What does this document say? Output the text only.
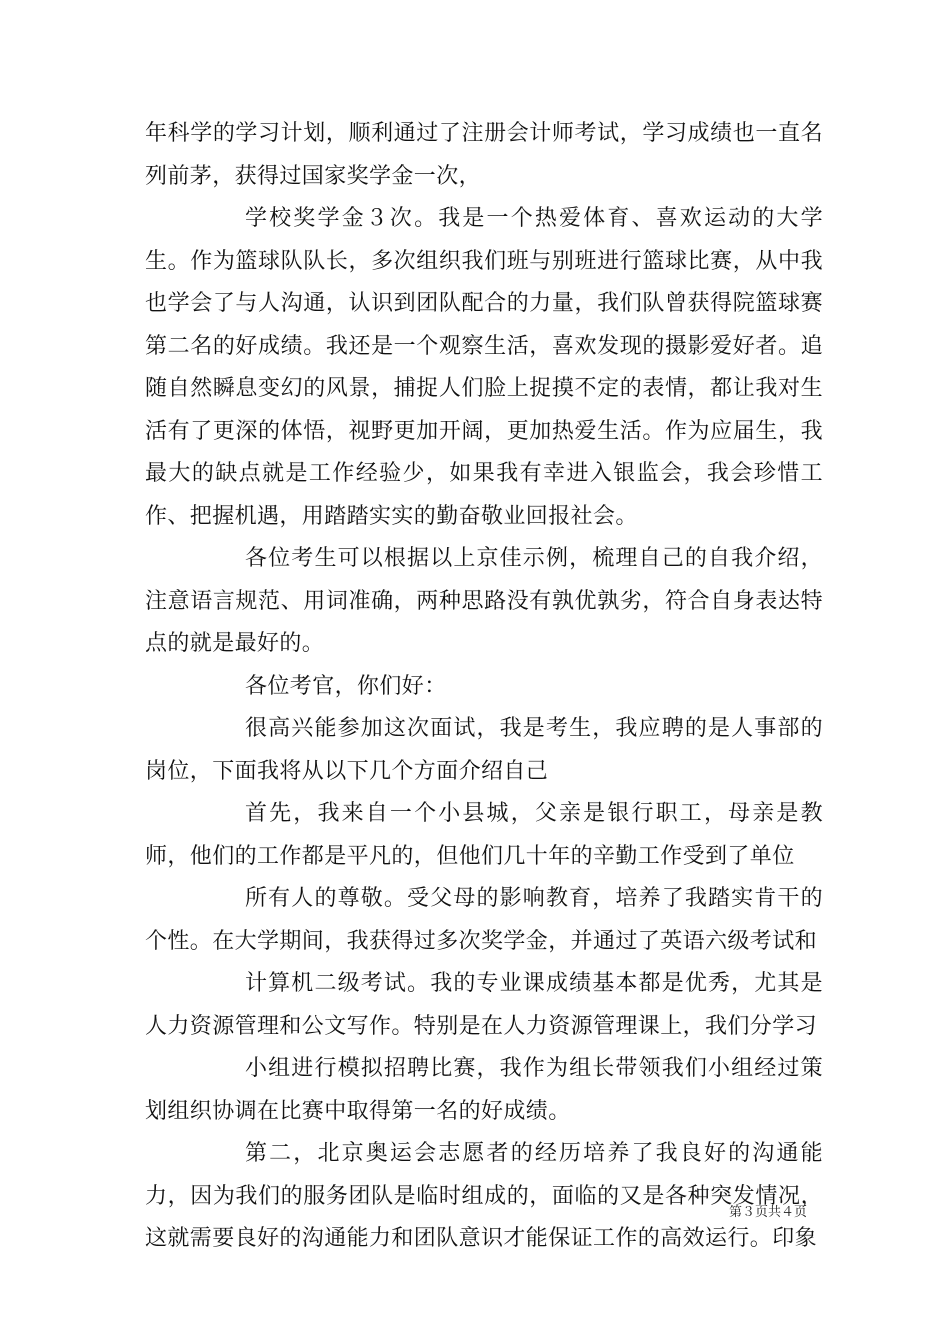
年科学的学习计划，顺利通过了注册会计师考试，学习成绩也一直名列前茅，获得过国家奖学金一次，

学校奖学金３次。我是一个热爱体育、喜欢运动的大学生。作为篮球队队长，多次组织我们班与别班进行篮球比赛，从中我也学会了与人沟通，认识到团队配合的力量，我们队曾获得院篮球赛第二名的好成绩。我还是一个观察生活，喜欢发现的摄影爱好者。追随自然瞬息变幻的风景，捕捉人们脸上捉摸不定的表情，都让我对生活有了更深的体悟，视野更加开阔，更加热爱生活。作为应届生，我最大的缺点就是工作经验少，如果我有幸进入银监会，我会珍惜工作、把握机遇，用踏踏实实的勤奋敬业回报社会。

各位考生可以根据以上京佳示例，梳理自己的自我介绍，注意语言规范、用词准确，两种思路没有孰优孰劣，符合自身表达特点的就是最好的。

各位考官，你们好：

很高兴能参加这次面试，我是考生，我应聘的是人事部的岗位，下面我将从以下几个方面介绍自己

首先，我来自一个小县城，父亲是银行职工，母亲是教师，他们的工作都是平凡的，但他们几十年的辛勤工作受到了单位

所有人的尊敬。受父母的影响教育，培养了我踏实肯干的个性。在大学期间，我获得过多次奖学金，并通过了英语六级考试和

计算机二级考试。我的专业课成绩基本都是优秀，尤其是人力资源管理和公文写作。特别是在人力资源管理课上，我们分学习

小组进行模拟招聘比赛，我作为组长带领我们小组经过策划组织协调在比赛中取得第一名的好成绩。

第二，北京奥运会志愿者的经历培养了我良好的沟通能力，因为我们的服务团队是临时组成的，面临的又是各种突发情况，这就需要良好的沟通能力和团队意识才能保证工作的高效运行。印象

第３页共４页
